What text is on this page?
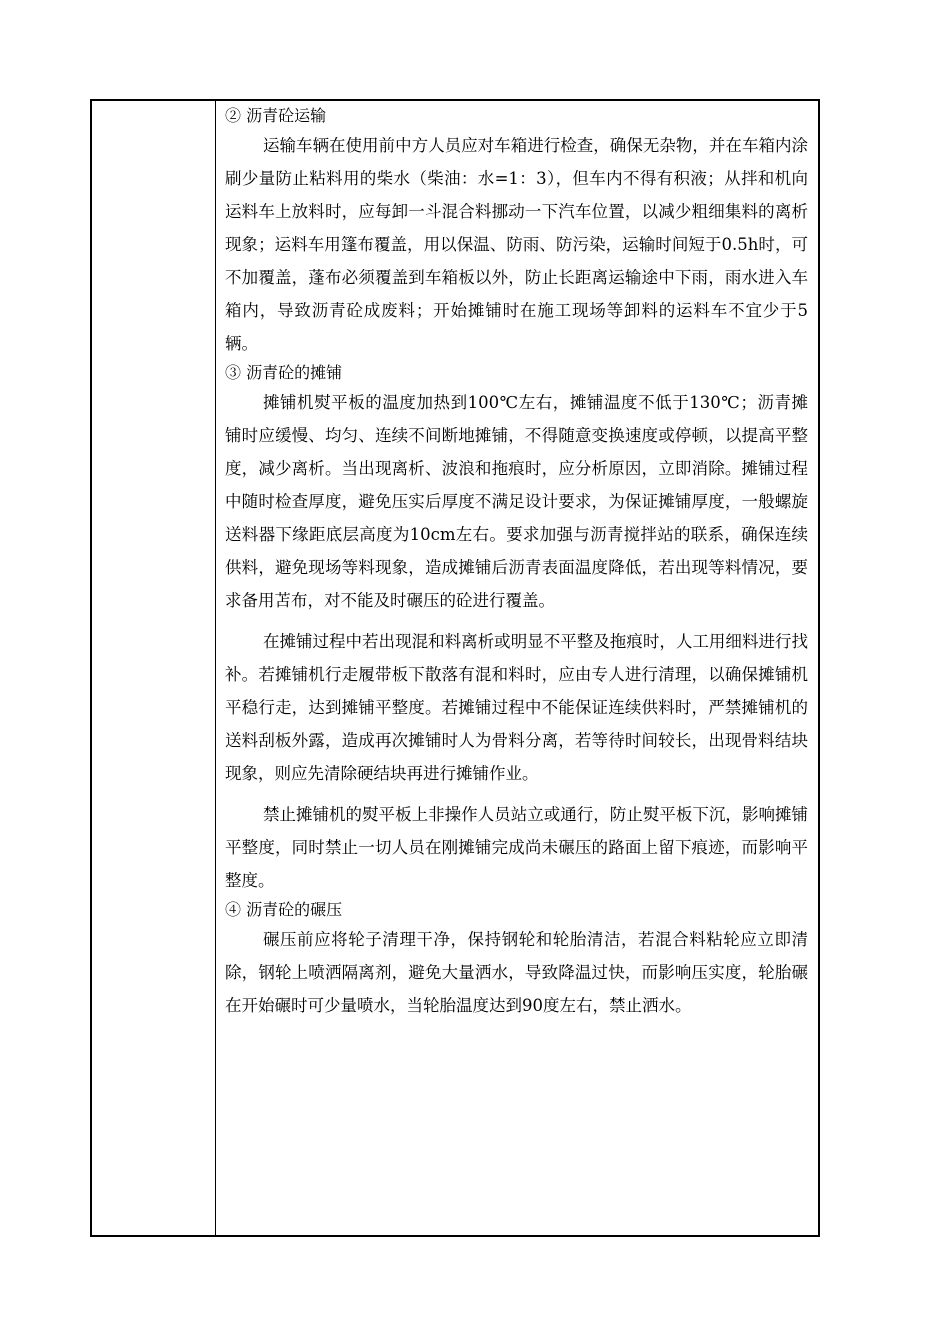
② 沥青砼运输

运输车辆在使用前中方人员应对车箱进行检查，确保无杂物，并在车箱内涂刷少量防止粘料用的柴水（柴油：水=1：3），但车内不得有积液；从拌和机向运料车上放料时，应每卸一斗混合料挪动一下汽车位置，以减少粗细集料的离析现象；运料车用篷布覆盖，用以保温、防雨、防污染，运输时间短于0.5h时，可不加覆盖，蓬布必须覆盖到车箱板以外，防止长距离运输途中下雨，雨水进入车箱内，导致沥青砼成废料；开始摊铺时在施工现场等卸料的运料车不宜少于5辆。

③ 沥青砼的摊铺

摊铺机熨平板的温度加热到100℃左右，摊铺温度不低于130℃；沥青摊铺时应缓慢、均匀、连续不间断地摊铺，不得随意变换速度或停顿，以提高平整度，减少离析。当出现离析、波浪和拖痕时，应分析原因，立即消除。摊铺过程中随时检查厚度，避免压实后厚度不满足设计要求，为保证摊铺厚度，一般螺旋送料器下缘距底层高度为10cm左右。要求加强与沥青搅拌站的联系，确保连续供料，避免现场等料现象，造成摊铺后沥青表面温度降低，若出现等料情况，要求备用苫布，对不能及时碾压的砼进行覆盖。

在摊铺过程中若出现混和料离析或明显不平整及拖痕时，人工用细料进行找补。若摊铺机行走履带板下散落有混和料时，应由专人进行清理，以确保摊铺机平稳行走，达到摊铺平整度。若摊铺过程中不能保证连续供料时，严禁摊铺机的送料刮板外露，造成再次摊铺时人为骨料分离，若等待时间较长，出现骨料结块现象，则应先清除硬结块再进行摊铺作业。

禁止摊铺机的熨平板上非操作人员站立或通行，防止熨平板下沉，影响摊铺平整度，同时禁止一切人员在刚摊铺完成尚未碾压的路面上留下痕迹，而影响平整度。

④ 沥青砼的碾压

碾压前应将轮子清理干净，保持钢轮和轮胎清洁，若混合料粘轮应立即清除，钢轮上喷洒隔离剂，避免大量洒水，导致降温过快，而影响压实度，轮胎碾在开始碾时可少量喷水，当轮胎温度达到90度左右，禁止洒水。
